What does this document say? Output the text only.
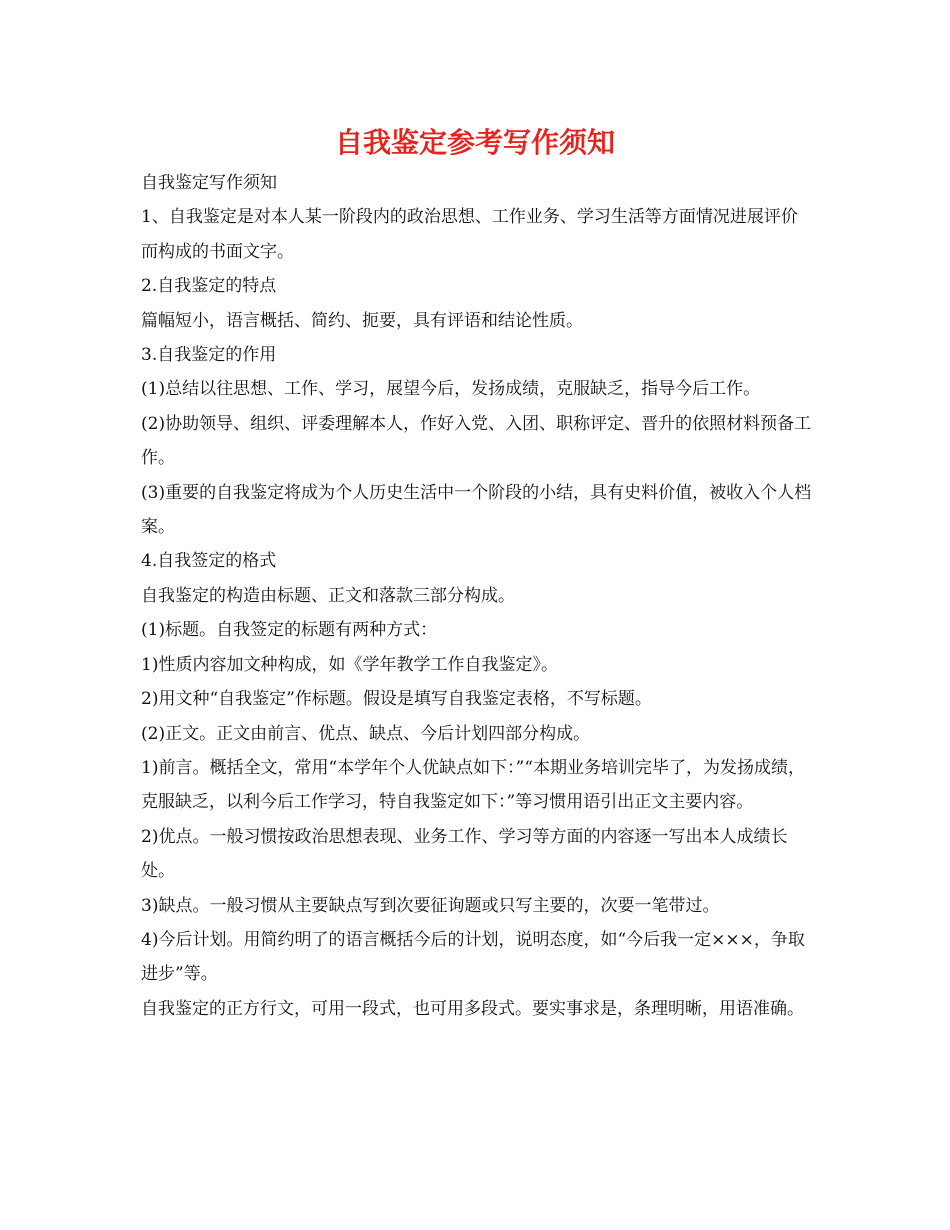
自我鉴定参考写作须知

自我鉴定写作须知

1、自我鉴定是对本人某一阶段内的政治思想、工作业务、学习生活等方面情况进展评价而构成的书面文字。

2.自我鉴定的特点

篇幅短小，语言概括、简约、扼要，具有评语和结论性质。

3.自我鉴定的作用

(1)总结以往思想、工作、学习，展望今后，发扬成绩，克服缺乏，指导今后工作。

(2)协助领导、组织、评委理解本人，作好入党、入团、职称评定、晋升的依照材料预备工作。

(3)重要的自我鉴定将成为个人历史生活中一个阶段的小结，具有史料价值，被收入个人档案。

4.自我签定的格式

自我鉴定的构造由标题、正文和落款三部分构成。

(1)标题。自我签定的标题有两种方式：

1)性质内容加文种构成，如《学年教学工作自我鉴定》。

2)用文种“自我鉴定”作标题。假设是填写自我鉴定表格，不写标题。

(2)正文。正文由前言、优点、缺点、今后计划四部分构成。

1)前言。概括全文，常用“本学年个人优缺点如下：”“本期业务培训完毕了，为发扬成绩，克服缺乏，以利今后工作学习，特自我鉴定如下：”等习惯用语引出正文主要内容。

2)优点。一般习惯按政治思想表现、业务工作、学习等方面的内容逐一写出本人成绩长处。

3)缺点。一般习惯从主要缺点写到次要征询题或只写主要的，次要一笔带过。

4)今后计划。用简约明了的语言概括今后的计划，说明态度，如“今后我一定×××，争取进步”等。

自我鉴定的正方行文，可用一段式，也可用多段式。要实事求是，条理明晰，用语准确。
